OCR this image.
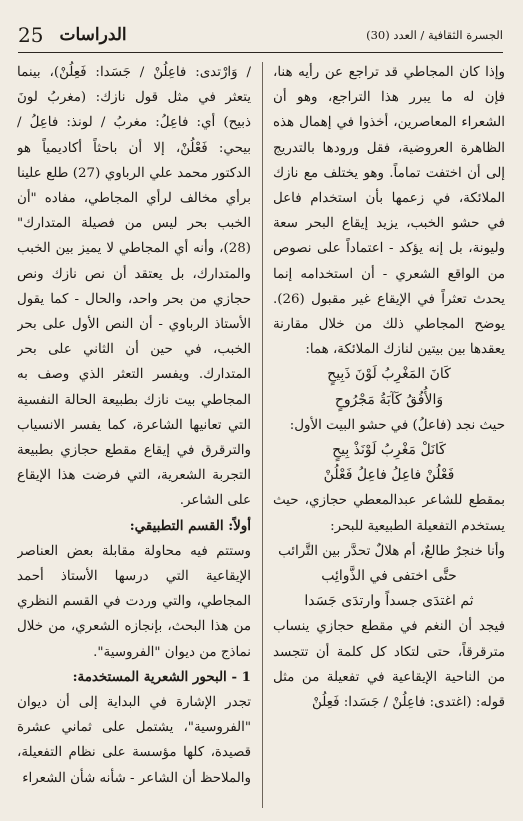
25 الدراسات	الجسرة الثقافية / العدد (30)

وإذا كان المجاطي قد تراجع عن رأيه هنا، فإن له ما يبرر هذا التراجع، وهو أن الشعراء المعاصرين، أخذوا في إهمال هذه الظاهرة العروضية، فقل ورودها بالتدريج إلى أن اختفت تماماً. وهو يختلف مع نازك الملائكة، في زعمها بأن استخدام فاعل في حشو الخبب، يزيد إيقاع البحر سعة وليونة، بل إنه يؤكد - اعتماداً على نصوص من الواقع الشعري - أن استخدامه إنما يحدث تعثراً في الإيقاع غير مقبول (26). يوضح المجاطي ذلك من خلال مقارنة يعقدها بين بيتين لنازك الملائكة، هما:

كَانَ المَغْرِبُ لَوْنَ ذَبِيحٍ

وَالأُفُقُ كَآبَةُ مَجْرُوحٍ

حيث نجد (فاعلُ) في حشو البيت الأول:

كَانَلْ مَغْرِبُ لَوْنَذْ بِيحٍ

فَعْلُنْ فاعِلُ فاعِلُ فَعْلُنْ

بمقطع للشاعر عبدالمعطي حجازي، حيث يستخدم التفعيلة الطبيعية للبحر:

وأنا خنجرٌ طالعٌ، أم هلالٌ تحدَّر بين التَّرائب

حتَّى اختفى في الذَّوائِب

ثم اغتدَى جسداً وارتدَى جَسَدا

فيجد أن النغم في مقطع حجازي ينساب مترقرقاً، حتى لتكاد كل كلمة أن تتجسد من الناحية الإيقاعية في تفعيلة من مثل قوله: (اغتدى: فاعِلُنْ / جَسَدا: فَعِلُنْ

/ وَارْتدى: فاعِلُنْ / جَسَدا: فَعِلُنْ)، بينما يتعثر في مثل قول نازك: (مغربُ لونَ ذبيح) أي: فاعِلُ: مغربُ / لونذ: فاعِلُ / بيحي: فَعْلُنْ، إلا أن باحثاً أكاديمياً هو الدكتور محمد علي الرباوي (27) طلع علينا برأي مخالف لرأي المجاطي، مفاده "أن الخبب بحر ليس من فصيلة المتدارك" (28)، وأنه أي المجاطي لا يميز بين الخبب والمتدارك، بل يعتقد أن نص نازك ونص حجازي من بحر واحد، والحال - كما يقول الأستاذ الرباوي - أن النص الأول على بحر الخبب، في حين أن الثاني على بحر المتدارك. ويفسر التعثر الذي وصف به المجاطي بيت نازك بطبيعة الحالة النفسية التي تعانيها الشاعرة، كما يفسر الانسياب والترقرق في إيقاع مقطع حجازي بطبيعة التجربة الشعرية، التي فرضت هذا الإيقاع على الشاعر.

أولاً: القسم التطبيقي:

وستتم فيه محاولة مقابلة بعض العناصر الإيقاعية التي درسها الأستاذ أحمد المجاطي، والتي وردت في القسم النظري من هذا البحث، بإنجازه الشعري، من خلال نماذج من ديوان "الفروسية".

1 - البحور الشعرية المستخدمة:

تجدر الإشارة في البداية إلى أن ديوان "الفروسية"، يشتمل على ثماني عشرة قصيدة، كلها مؤسسة على نظام التفعيلة، والملاحظ أن الشاعر - شأنه شأن الشعراء
